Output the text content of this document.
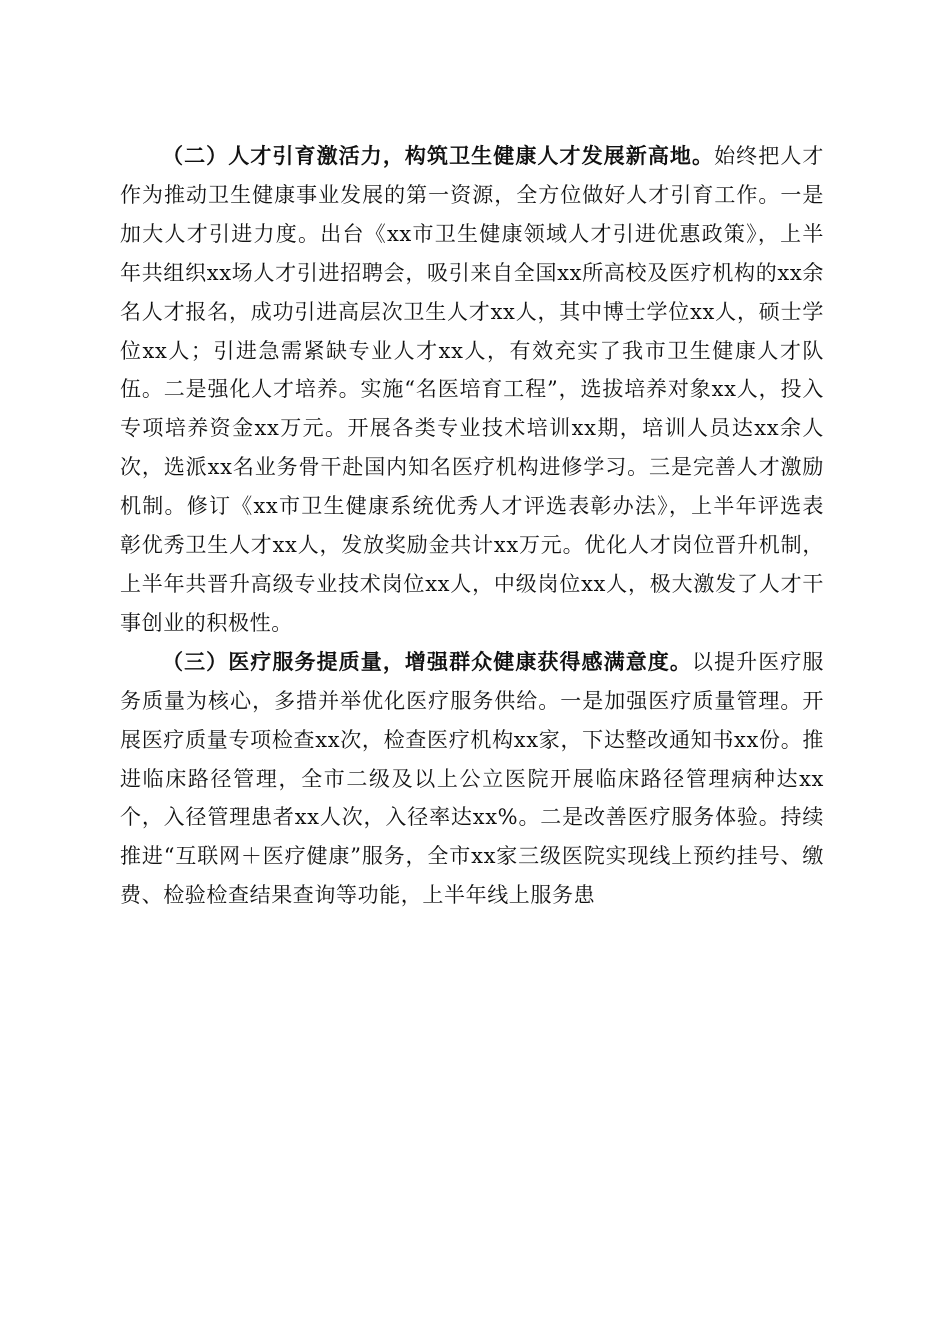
（二）人才引育激活力，构筑卫生健康人才发展新高地。始终把人才作为推动卫生健康事业发展的第一资源，全方位做好人才引育工作。一是加大人才引进力度。出台《xx市卫生健康领域人才引进优惠政策》，上半年共组织xx场人才引进招聘会，吸引来自全国xx所高校及医疗机构的xx余名人才报名，成功引进高层次卫生人才xx人，其中博士学位xx人，硕士学位xx人；引进急需紧缺专业人才xx人，有效充实了我市卫生健康人才队伍。二是强化人才培养。实施“名医培育工程”，选拔培养对象xx人，投入专项培养资金xx万元。开展各类专业技术培训xx期，培训人员达xx余人次，选派xx名业务骨干赴国内知名医疗机构进修学习。三是完善人才激励机制。修订《xx市卫生健康系统优秀人才评选表彰办法》，上半年评选表彰优秀卫生人才xx人，发放奖励金共计xx万元。优化人才岗位晋升机制，上半年共晋升高级专业技术岗位xx人，中级岗位xx人，极大激发了人才干事创业的积极性。

（三）医疗服务提质量，增强群众健康获得感满意度。以提升医疗服务质量为核心，多措并举优化医疗服务供给。一是加强医疗质量管理。开展医疗质量专项检查xx次，检查医疗机构xx家，下达整改通知书xx份。推进临床路径管理，全市二级及以上公立医院开展临床路径管理病种达xx个，入径管理患者xx人次，入径率达xx%。二是改善医疗服务体验。持续推进“互联网＋医疗健康”服务，全市xx家三级医院实现线上预约挂号、缴费、检验检查结果查询等功能，上半年线上服务患
